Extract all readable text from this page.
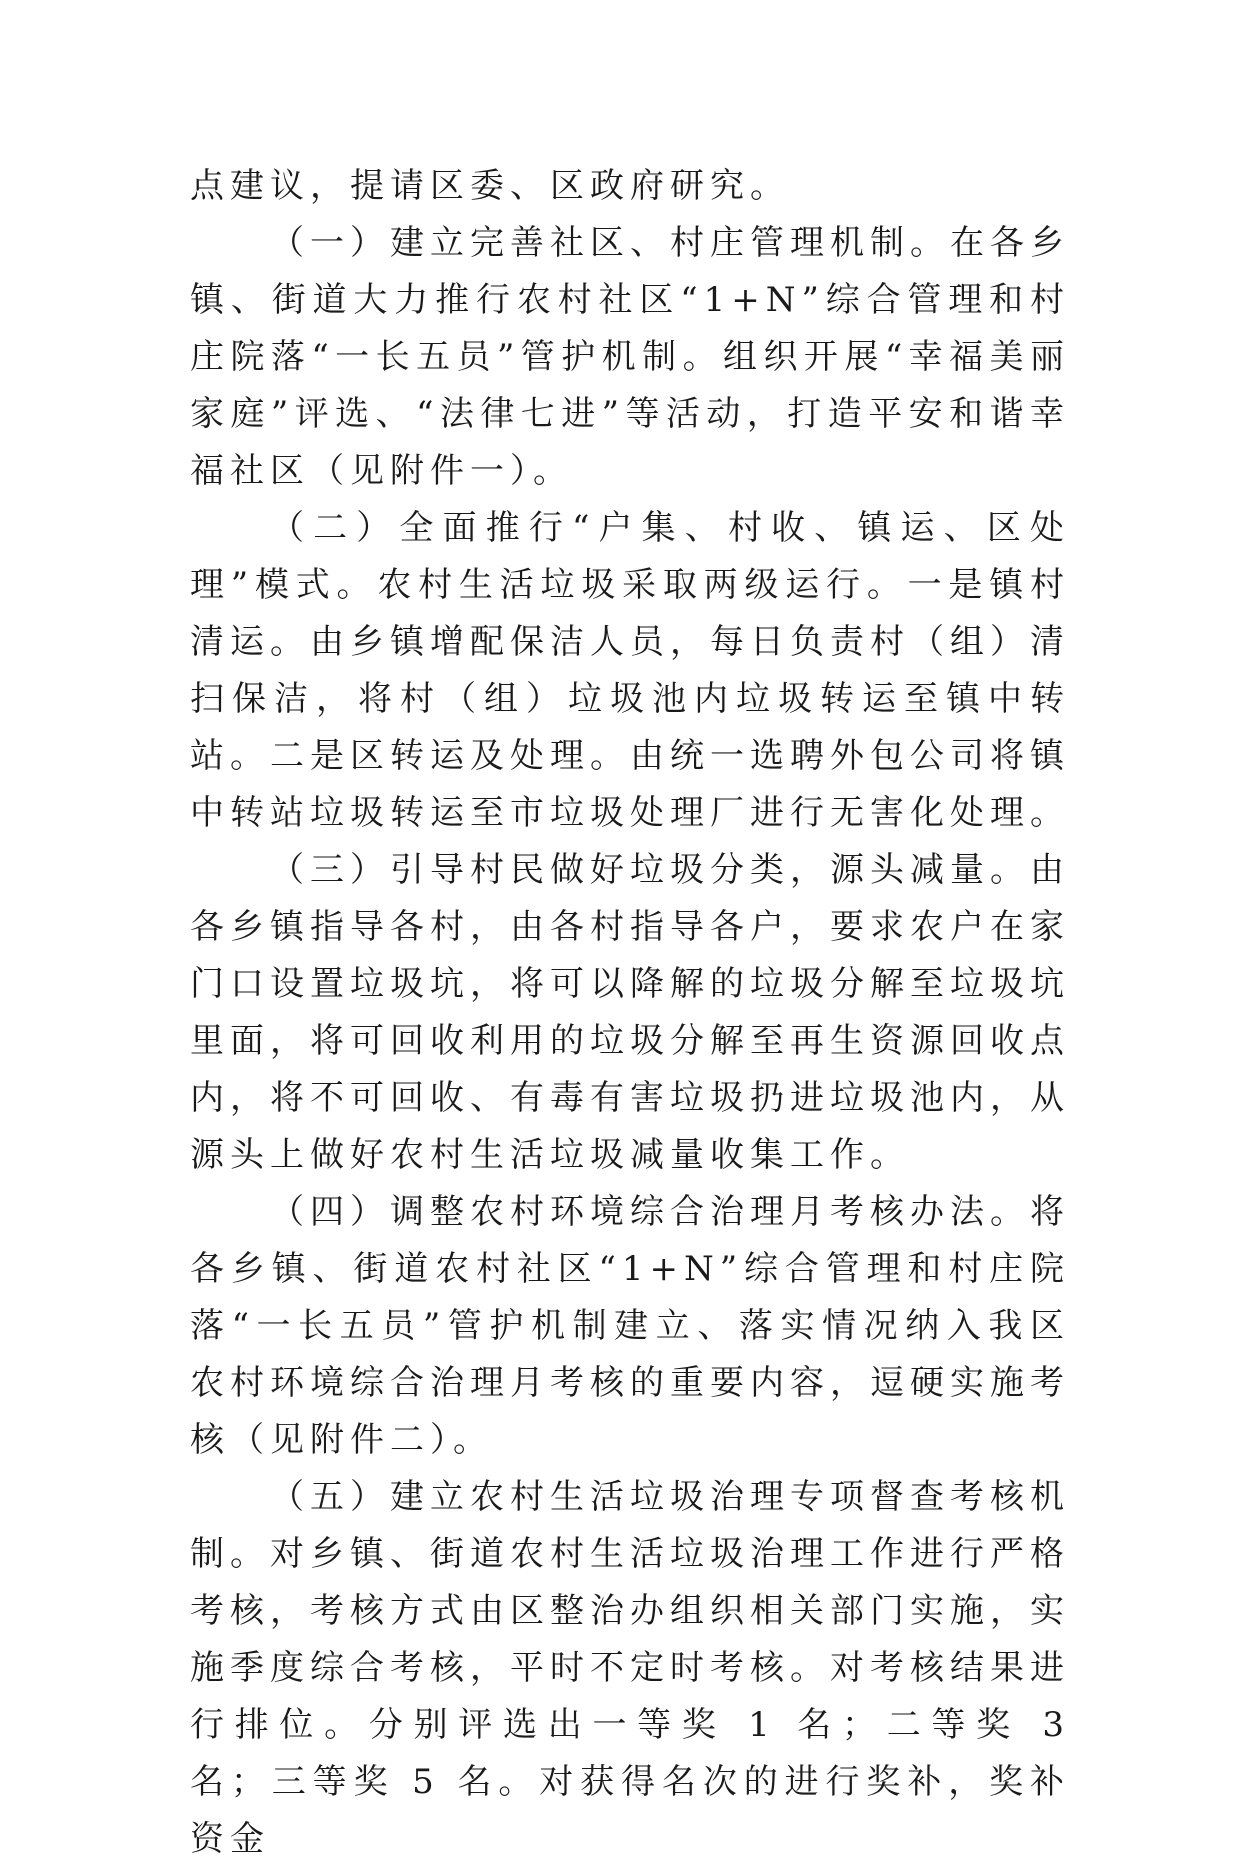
点建议，提请区委、区政府研究。

（一）建立完善社区、村庄管理机制。在各乡镇、街道大力推行农村社区“1+N”综合管理和村庄院落“一长五员”管护机制。组织开展“幸福美丽家庭”评选、“法律七进”等活动，打造平安和谐幸福社区（见附件一）。

（二）全面推行“户集、村收、镇运、区处理”模式。农村生活垃圾采取两级运行。一是镇村清运。由乡镇增配保洁人员，每日负责村（组）清扫保洁，将村（组）垃圾池内垃圾转运至镇中转站。二是区转运及处理。由统一选聘外包公司将镇中转站垃圾转运至市垃圾处理厂进行无害化处理。

（三）引导村民做好垃圾分类，源头减量。由各乡镇指导各村，由各村指导各户，要求农户在家门口设置垃圾坑，将可以降解的垃圾分解至垃圾坑里面，将可回收利用的垃圾分解至再生资源回收点内，将不可回收、有毒有害垃圾扔进垃圾池内，从源头上做好农村生活垃圾减量收集工作。

（四）调整农村环境综合治理月考核办法。将各乡镇、街道农村社区“1+N”综合管理和村庄院落“一长五员”管护机制建立、落实情况纳入我区农村环境综合治理月考核的重要内容，逗硬实施考核（见附件二）。

（五）建立农村生活垃圾治理专项督查考核机制。对乡镇、街道农村生活垃圾治理工作进行严格考核，考核方式由区整治办组织相关部门实施，实施季度综合考核，平时不定时考核。对考核结果进行排位。分别评选出一等奖 1 名；二等奖 3 名；三等奖 5 名。对获得名次的进行奖补，奖补资金
